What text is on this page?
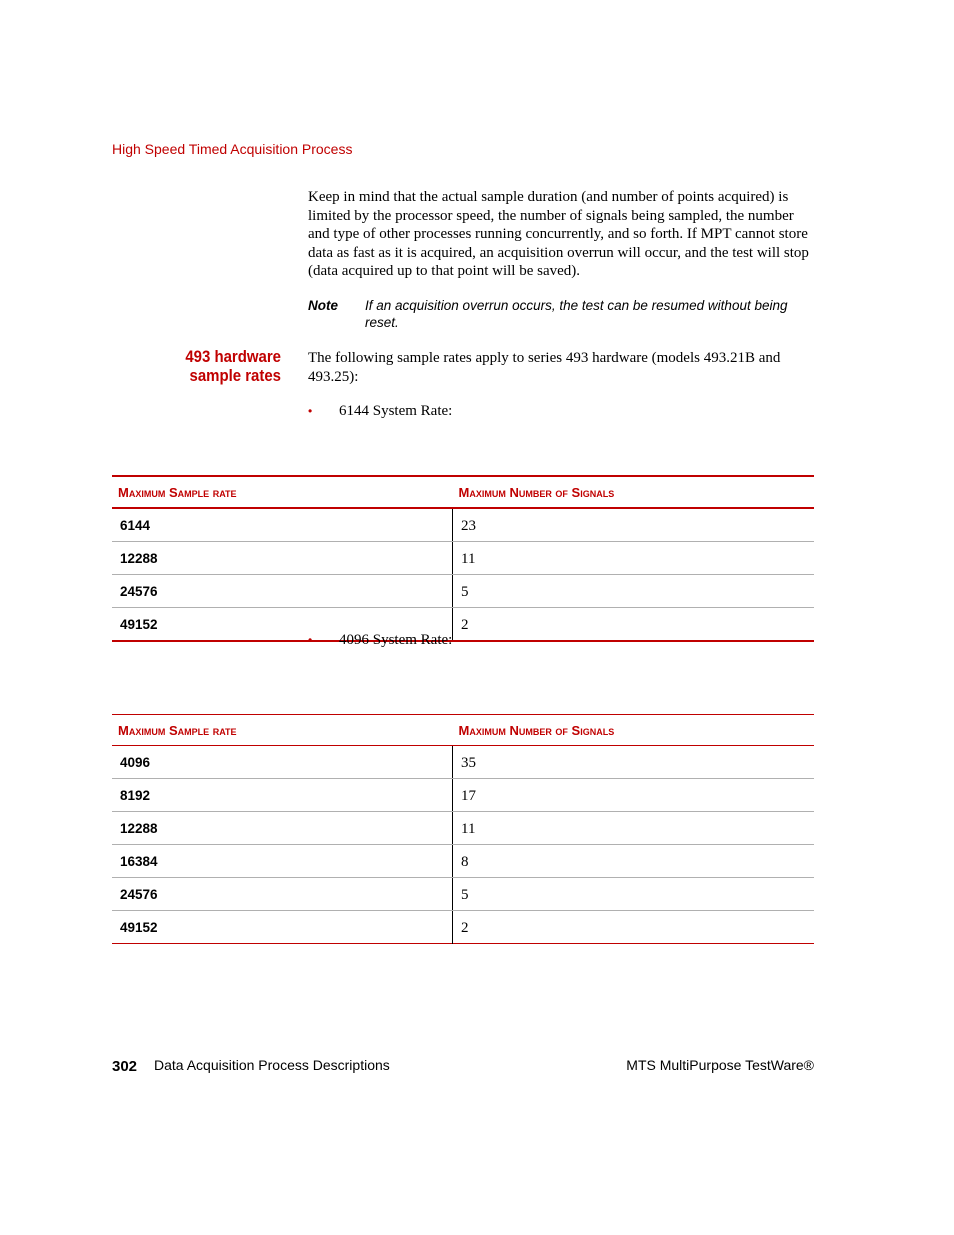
High Speed Timed Acquisition Process
Keep in mind that the actual sample duration (and number of points acquired) is limited by the processor speed, the number of signals being sampled, the number and type of other processes running concurrently, and so forth. If MPT cannot store data as fast as it is acquired, an acquisition overrun will occur, and the test will stop (data acquired up to that point will be saved).
Note If an acquisition overrun occurs, the test can be resumed without being reset.
493 hardware sample rates
The following sample rates apply to series 493 hardware (models 493.21B and 493.25):
• 6144 System Rate:
Maximum Sample rate	Maximum Number of Signals
6144	23
12288	11
24576	5
49152	2
• 4096 System Rate:
Maximum Sample rate	Maximum Number of Signals
4096	35
8192	17
12288	11
16384	8
24576	5
49152	2
302 Data Acquisition Process Descriptions	MTS MultiPurpose TestWare®
